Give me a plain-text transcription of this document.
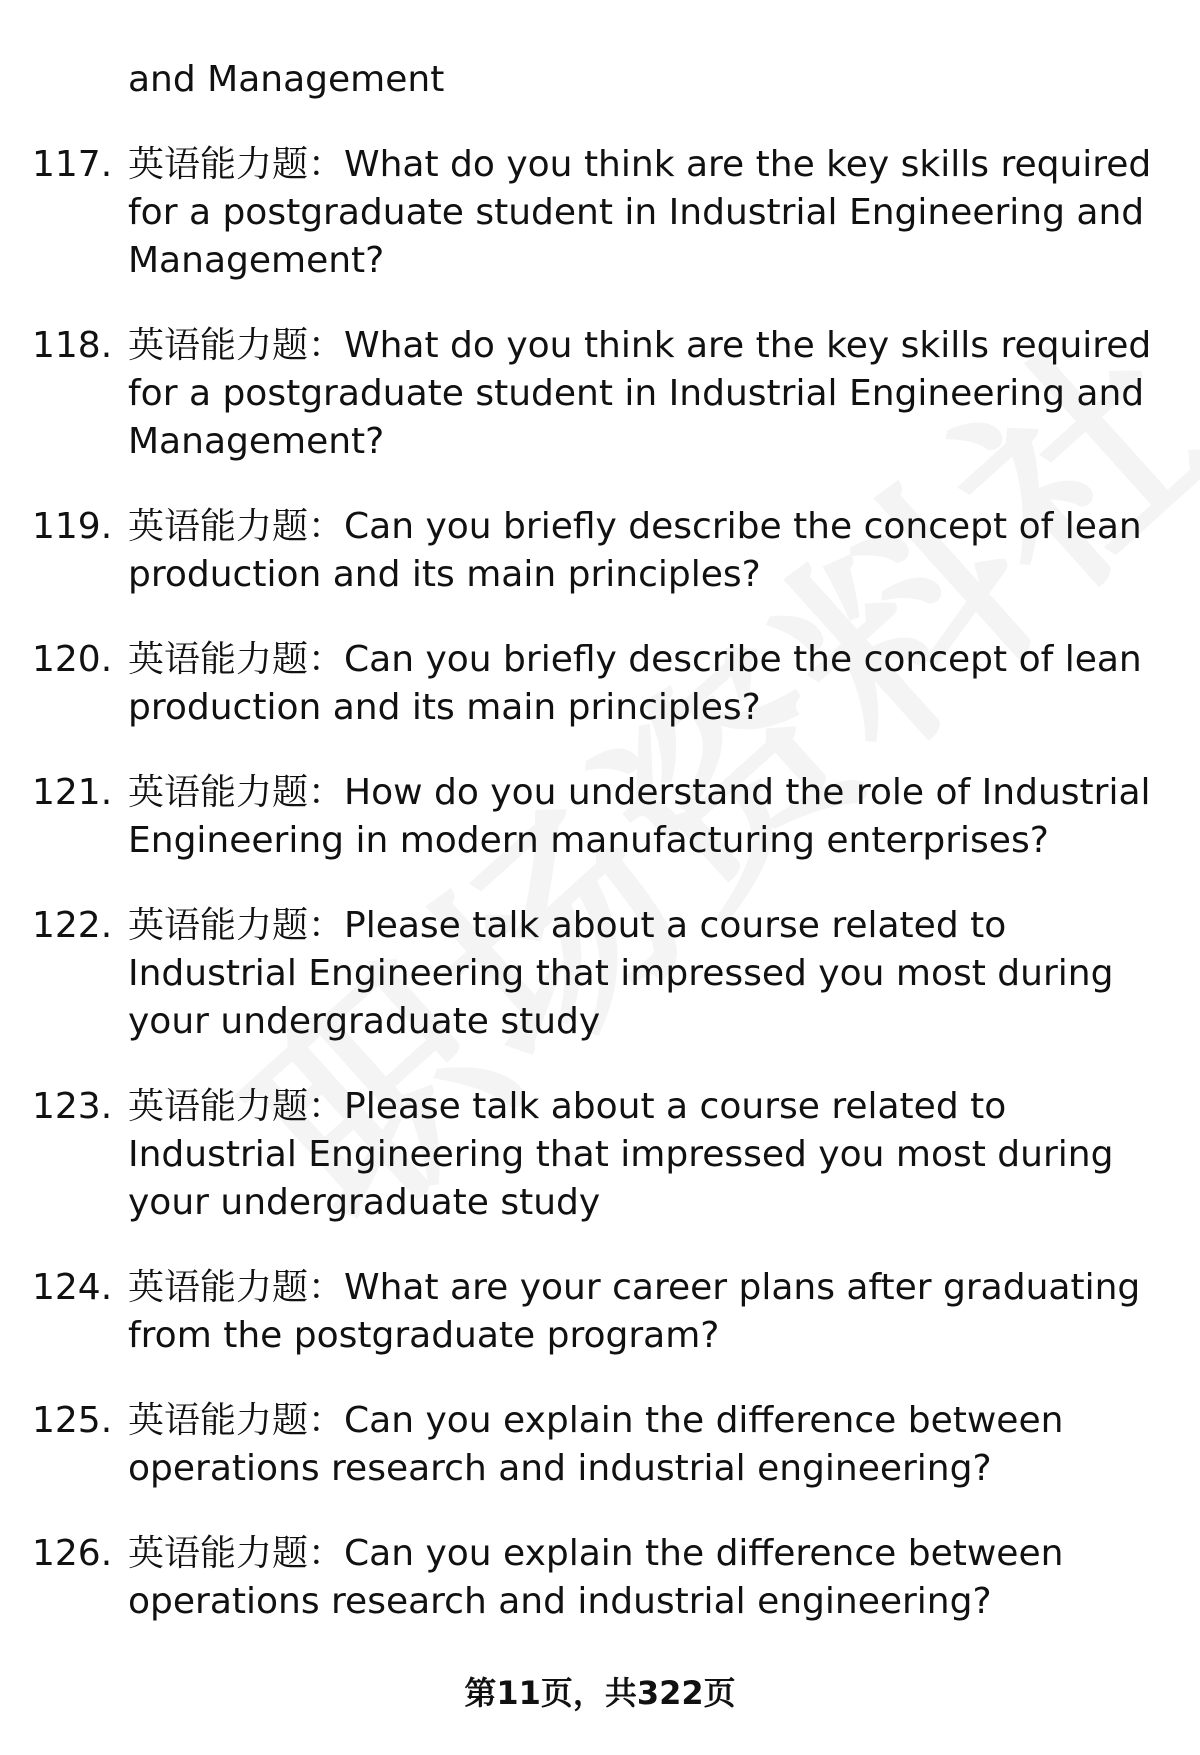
and Management

117. 英语能力题：What do you think are the key skills required for a postgraduate student in Industrial Engineering and Management?
118. 英语能力题：What do you think are the key skills required for a postgraduate student in Industrial Engineering and Management?
119. 英语能力题：Can you briefly describe the concept of lean production and its main principles?
120. 英语能力题：Can you briefly describe the concept of lean production and its main principles?
121. 英语能力题：How do you understand the role of Industrial Engineering in modern manufacturing enterprises?
122. 英语能力题：Please talk about a course related to Industrial Engineering that impressed you most during your undergraduate study
123. 英语能力题：Please talk about a course related to Industrial Engineering that impressed you most during your undergraduate study
124. 英语能力题：What are your career plans after graduating from the postgraduate program?
125. 英语能力题：Can you explain the difference between operations research and industrial engineering?
126. 英语能力题：Can you explain the difference between operations research and industrial engineering?
第11页，共322页
